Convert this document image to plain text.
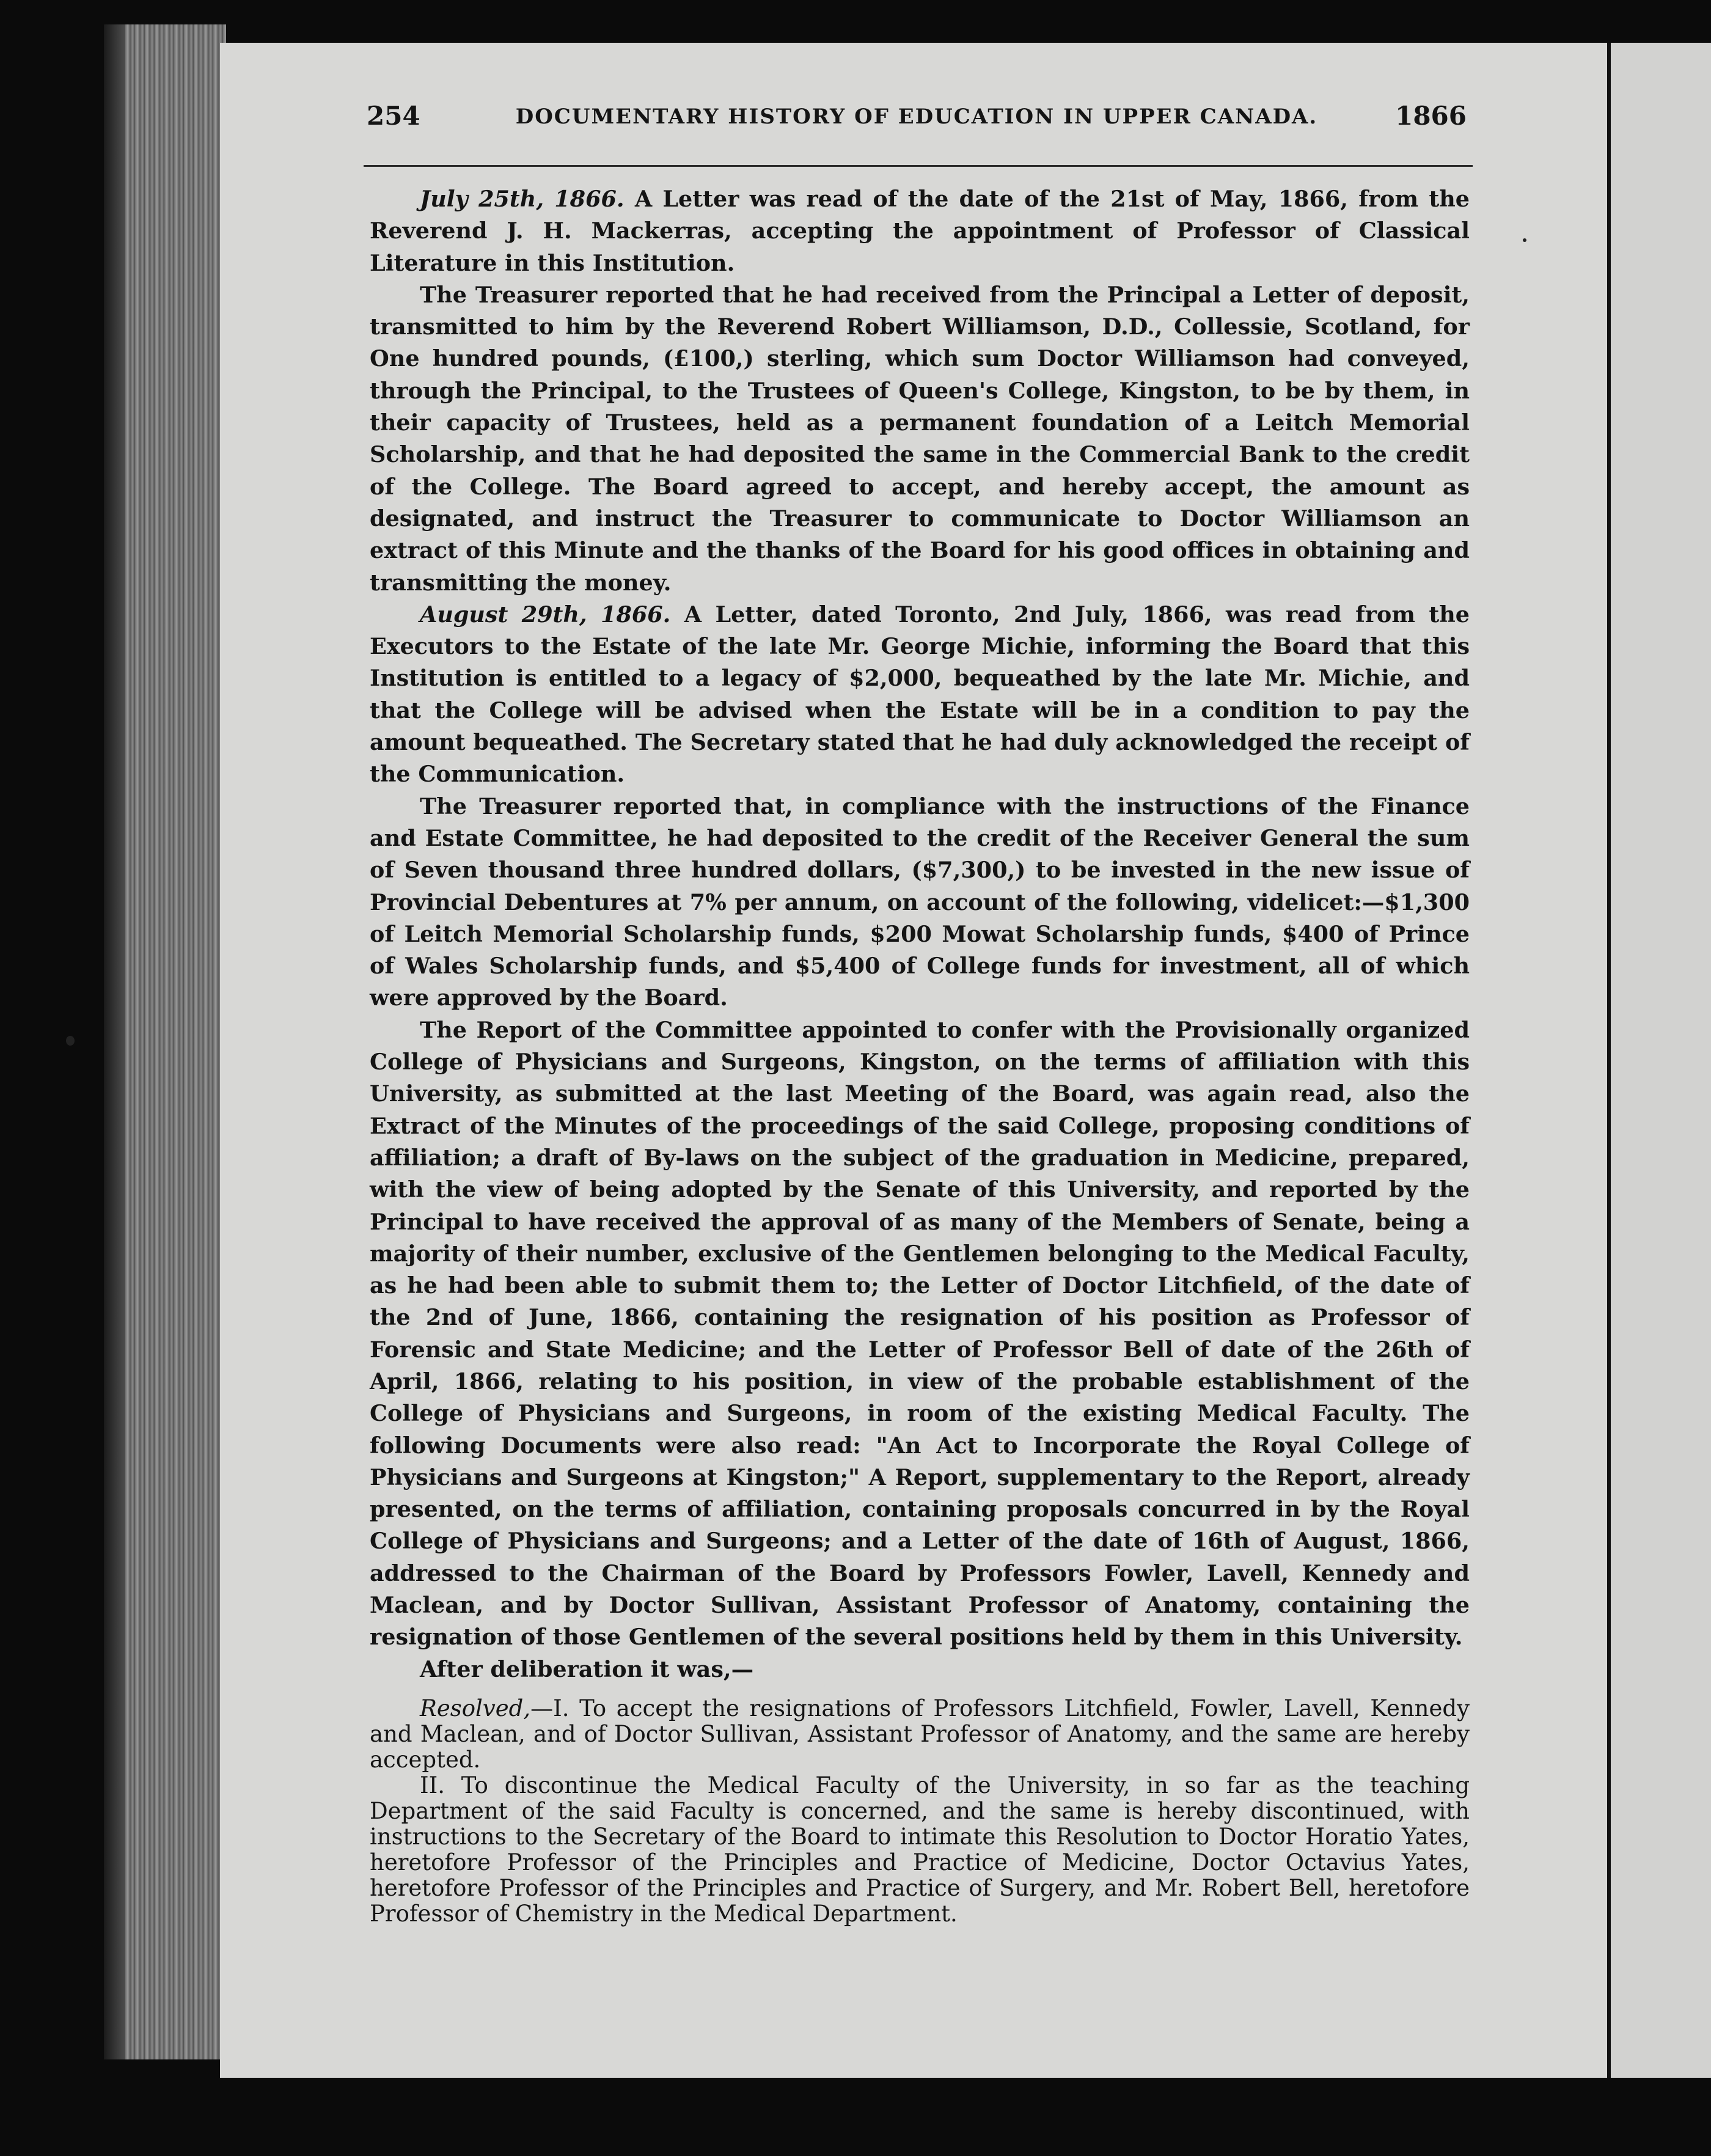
254	DOCUMENTARY HISTORY OF EDUCATION IN UPPER CANADA.	1866

July 25th, 1866. A Letter was read of the date of the 21st of May, 1866, from the Reverend J. H. Mackerras, accepting the appointment of Professor of Classical Literature in this Institution.

The Treasurer reported that he had received from the Principal a Letter of deposit, transmitted to him by the Reverend Robert Williamson, D.D., Collessie, Scotland, for One hundred pounds, (£100,) sterling, which sum Doctor Williamson had conveyed, through the Principal, to the Trustees of Queen's College, Kingston, to be by them, in their capacity of Trustees, held as a permanent foundation of a Leitch Memorial Scholarship, and that he had deposited the same in the Commercial Bank to the credit of the College. The Board agreed to accept, and hereby accept, the amount as designated, and instruct the Treasurer to communicate to Doctor Williamson an extract of this Minute and the thanks of the Board for his good offices in obtaining and transmitting the money.

August 29th, 1866. A Letter, dated Toronto, 2nd July, 1866, was read from the Executors to the Estate of the late Mr. George Michie, informing the Board that this Institution is entitled to a legacy of $2,000, bequeathed by the late Mr. Michie, and that the College will be advised when the Estate will be in a condition to pay the amount bequeathed. The Secretary stated that he had duly acknowledged the receipt of the Communication.

The Treasurer reported that, in compliance with the instructions of the Finance and Estate Committee, he had deposited to the credit of the Receiver General the sum of Seven thousand three hundred dollars, ($7,300,) to be invested in the new issue of Provincial Debentures at 7% per annum, on account of the following, videlicet:—$1,300 of Leitch Memorial Scholarship funds, $200 Mowat Scholarship funds, $400 of Prince of Wales Scholarship funds, and $5,400 of College funds for investment, all of which were approved by the Board.

The Report of the Committee appointed to confer with the Provisionally organized College of Physicians and Surgeons, Kingston, on the terms of affiliation with this University, as submitted at the last Meeting of the Board, was again read, also the Extract of the Minutes of the proceedings of the said College, proposing conditions of affiliation; a draft of By-laws on the subject of the graduation in Medicine, prepared, with the view of being adopted by the Senate of this University, and reported by the Principal to have received the approval of as many of the Members of Senate, being a majority of their number, exclusive of the Gentlemen belonging to the Medical Faculty, as he had been able to submit them to; the Letter of Doctor Litchfield, of the date of the 2nd of June, 1866, containing the resignation of his position as Professor of Forensic and State Medicine; and the Letter of Professor Bell of date of the 26th of April, 1866, relating to his position, in view of the probable establishment of the College of Physicians and Surgeons, in room of the existing Medical Faculty. The following Documents were also read: "An Act to Incorporate the Royal College of Physicians and Surgeons at Kingston;" A Report, supplementary to the Report, already presented, on the terms of affiliation, containing proposals concurred in by the Royal College of Physicians and Surgeons; and a Letter of the date of 16th of August, 1866, addressed to the Chairman of the Board by Professors Fowler, Lavell, Kennedy and Maclean, and by Doctor Sullivan, Assistant Professor of Anatomy, containing the resignation of those Gentlemen of the several positions held by them in this University.

After deliberation it was,—

Resolved,—I. To accept the resignations of Professors Litchfield, Fowler, Lavell, Kennedy and Maclean, and of Doctor Sullivan, Assistant Professor of Anatomy, and the same are hereby accepted.

II. To discontinue the Medical Faculty of the University, in so far as the teaching Department of the said Faculty is concerned, and the same is hereby discontinued, with instructions to the Secretary of the Board to intimate this Resolution to Doctor Horatio Yates, heretofore Professor of the Principles and Practice of Medicine, Doctor Octavius Yates, heretofore Professor of the Principles and Practice of Surgery, and Mr. Robert Bell, heretofore Professor of Chemistry in the Medical Department.
